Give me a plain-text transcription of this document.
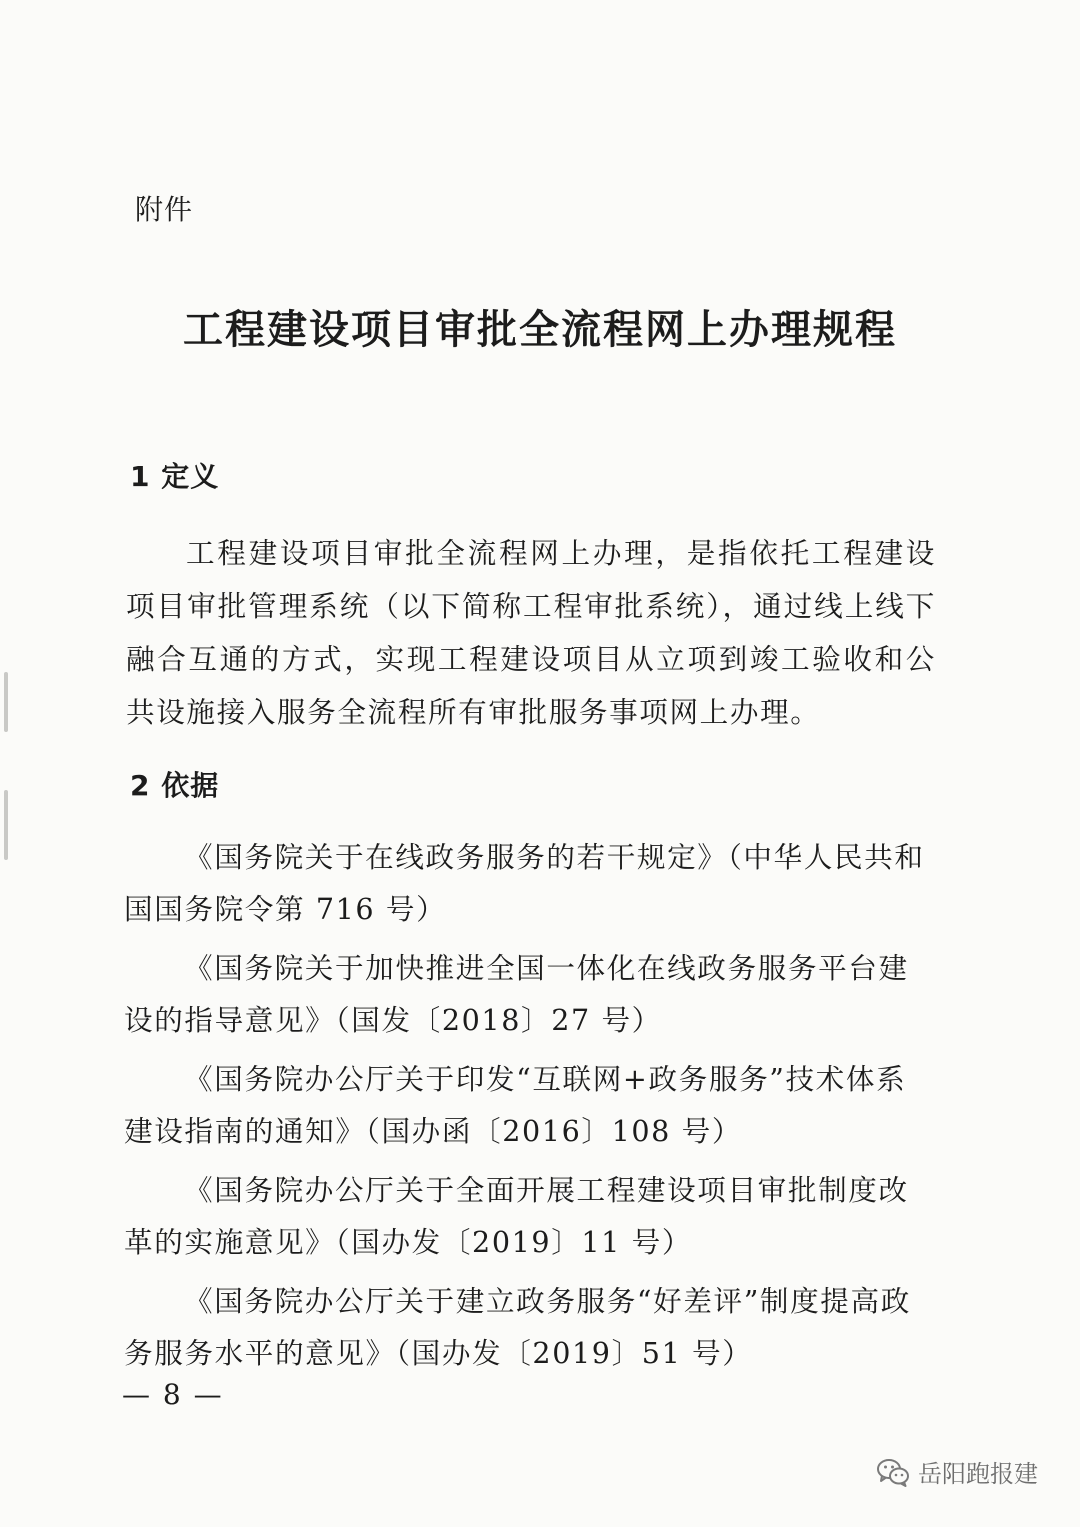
附件
工程建设项目审批全流程网上办理规程
1 定义

工程建设项目审批全流程网上办理，是指依托工程建设项目审批管理系统（以下简称工程审批系统），通过线上线下融合互通的方式，实现工程建设项目从立项到竣工验收和公共设施接入服务全流程所有审批服务事项网上办理。

2 依据
《国务院关于在线政务服务的若干规定》（中华人民共和国国务院令第 716 号）
《国务院关于加快推进全国一体化在线政务服务平台建设的指导意见》（国发〔2018〕27 号）
《国务院办公厅关于印发“互联网+政务服务”技术体系建设指南的通知》（国办函〔2016〕108 号）
《国务院办公厅关于全面开展工程建设项目审批制度改革的实施意见》（国办发〔2019〕11 号）
《国务院办公厅关于建立政务服务“好差评”制度提高政务服务水平的意见》（国办发〔2019〕51 号）
— 8 —
岳阳跑报建
